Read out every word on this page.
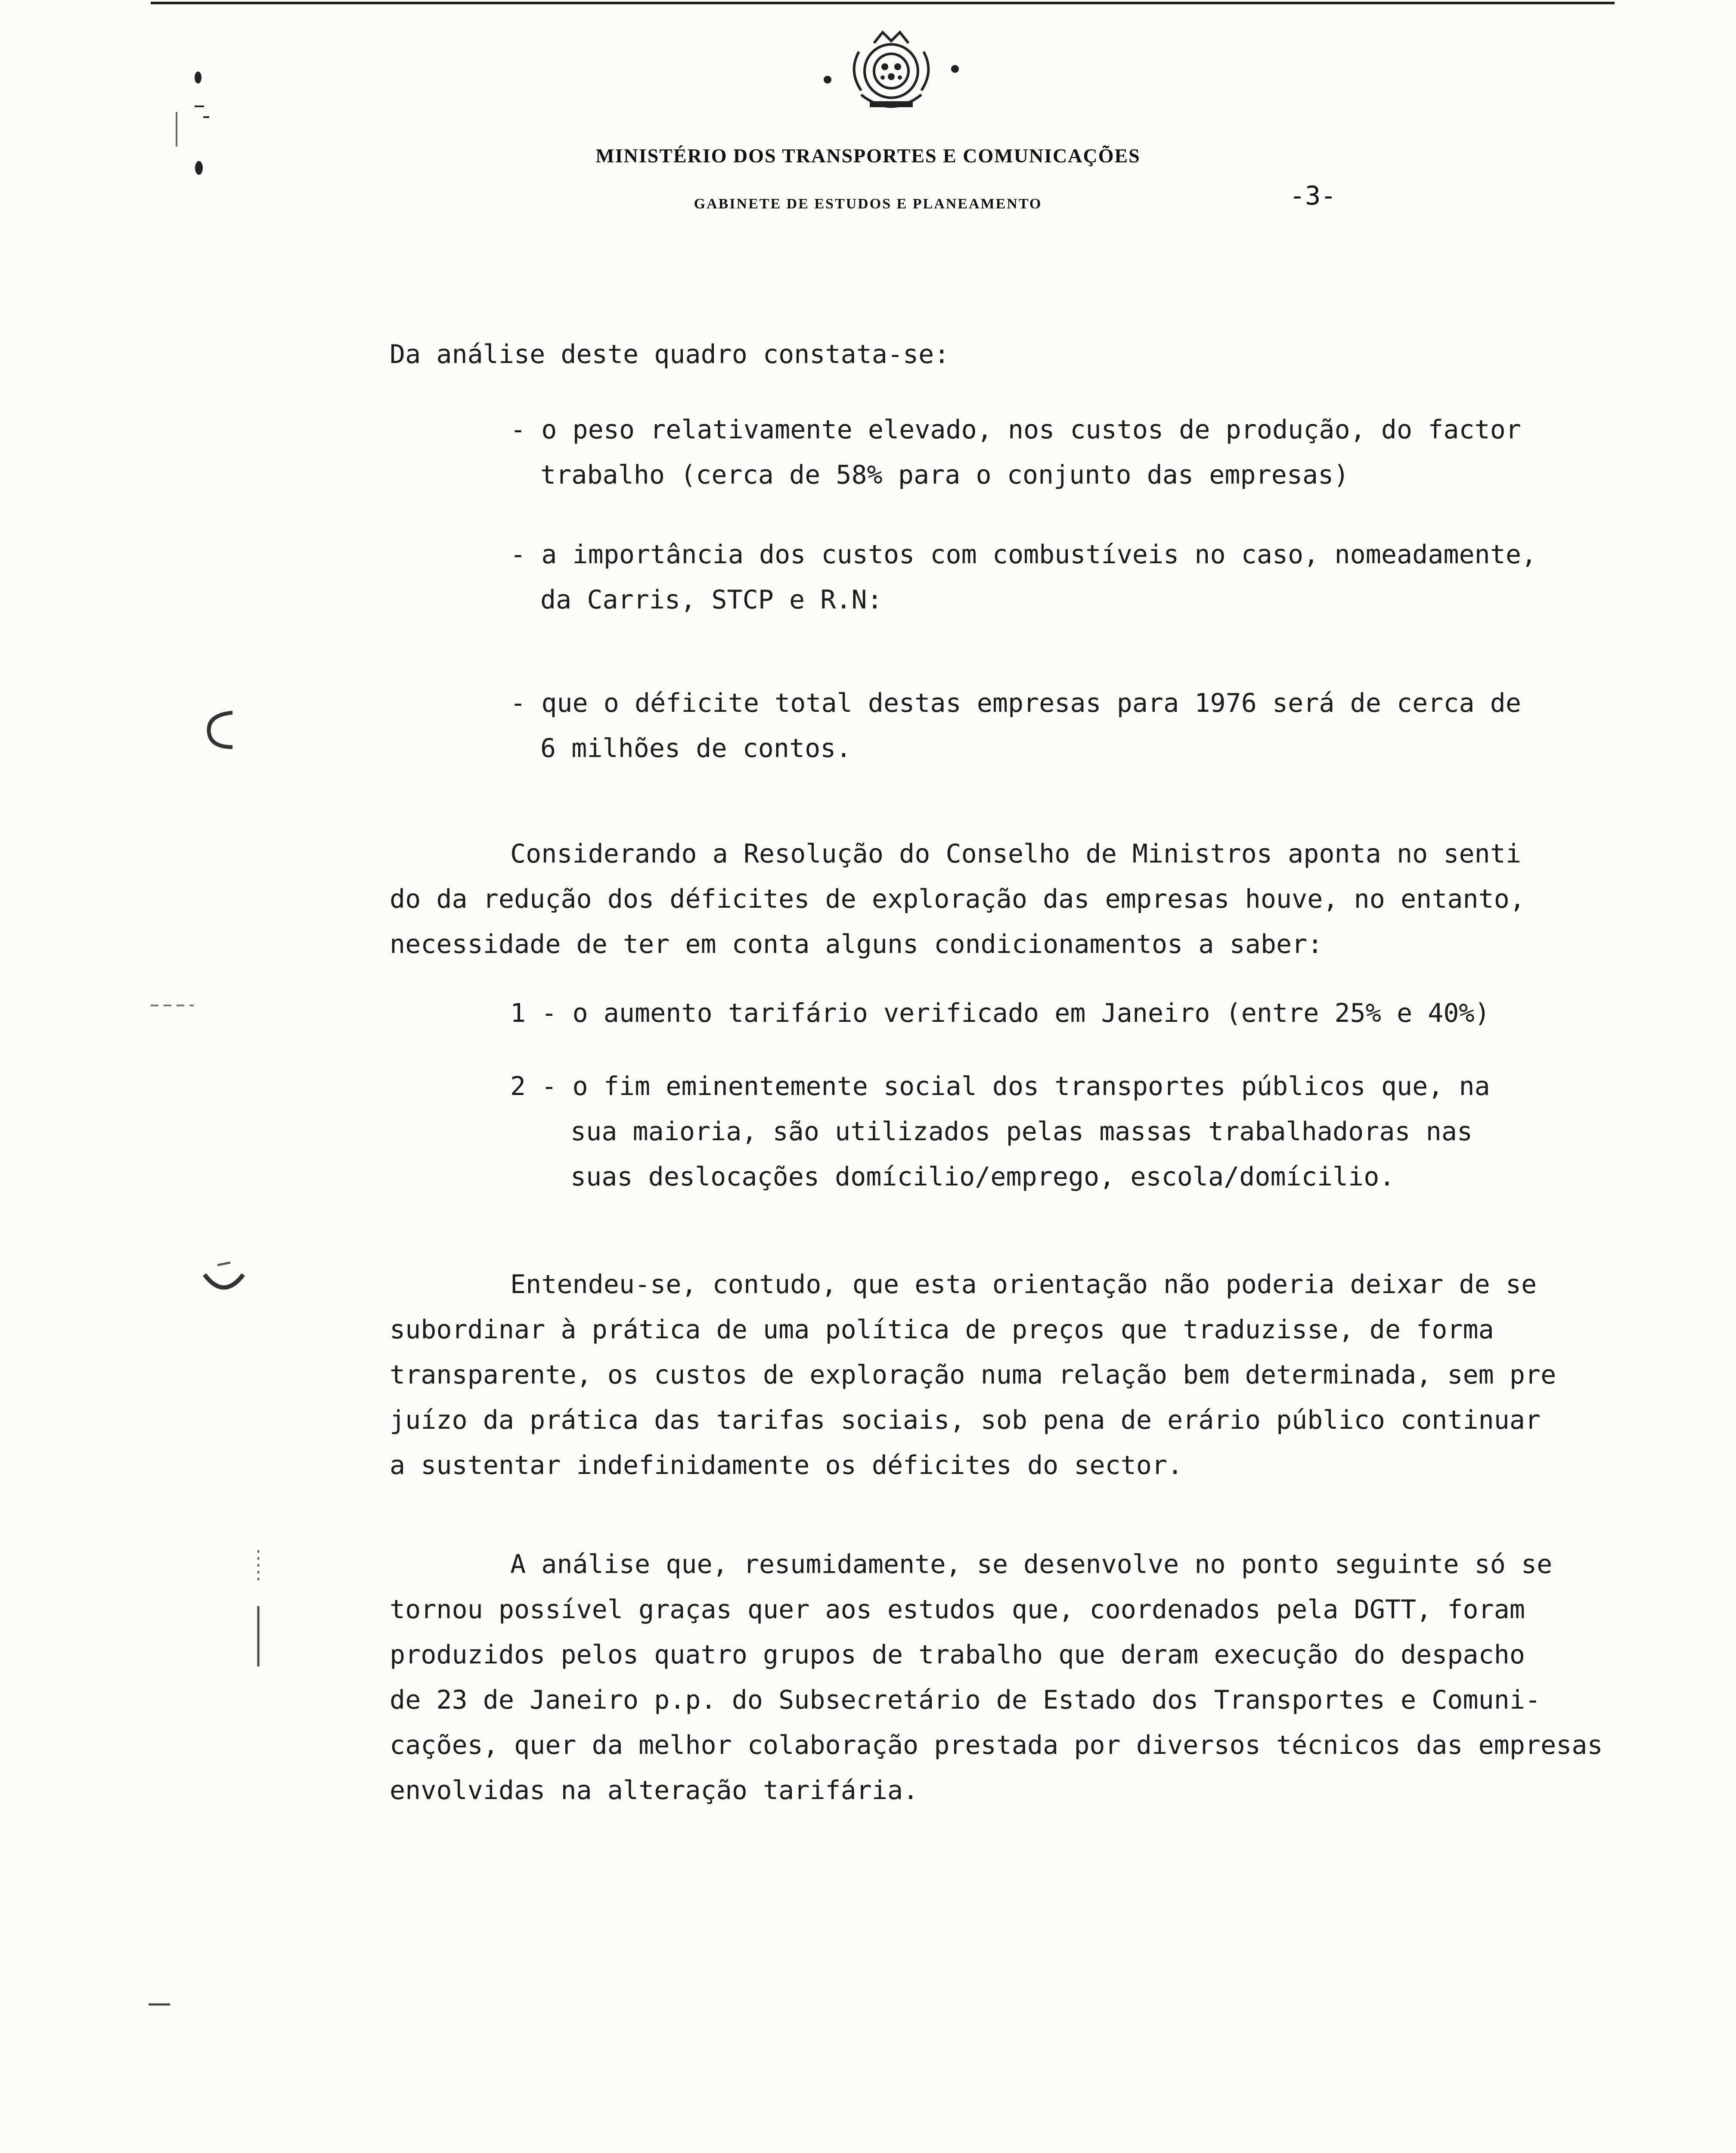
MINISTÉRIO DOS TRANSPORTES E COMUNICAÇÕES
GABINETE DE ESTUDOS E PLANEAMENTO	-3-
Da análise deste quadro constata-se:
- o peso relativamente elevado, nos custos de produção, do factor
trabalho (cerca de 58% para o conjunto das empresas)
- a importância dos custos com combustíveis no caso, nomeadamente,
da Carris, STCP e R.N:
- que o déficite total destas empresas para 1976 será de cerca de
6 milhões de contos.
Considerando a Resolução do Conselho de Ministros aponta no senti
do da redução dos déficites de exploração das empresas houve, no entanto,
necessidade de ter em conta alguns condicionamentos a saber:
1 - o aumento tarifário verificado em Janeiro (entre 25% e 40%)
2 - o fim eminentemente social dos transportes públicos que, na
sua maioria, são utilizados pelas massas trabalhadoras nas
suas deslocações domícilio/emprego, escola/domícilio.
Entendeu-se, contudo, que esta orientação não poderia deixar de se
subordinar à prática de uma política de preços que traduzisse, de forma
transparente, os custos de exploração numa relação bem determinada, sem pre
juízo da prática das tarifas sociais, sob pena de erário público continuar
a sustentar indefinidamente os déficites do sector.
A análise que, resumidamente, se desenvolve no ponto seguinte só se
tornou possível graças quer aos estudos que, coordenados pela DGTT, foram
produzidos pelos quatro grupos de trabalho que deram execução do despacho
de 23 de Janeiro p.p. do Subsecretário de Estado dos Transportes e Comuni-
cações, quer da melhor colaboração prestada por diversos técnicos das empresas
envolvidas na alteração tarifária.
